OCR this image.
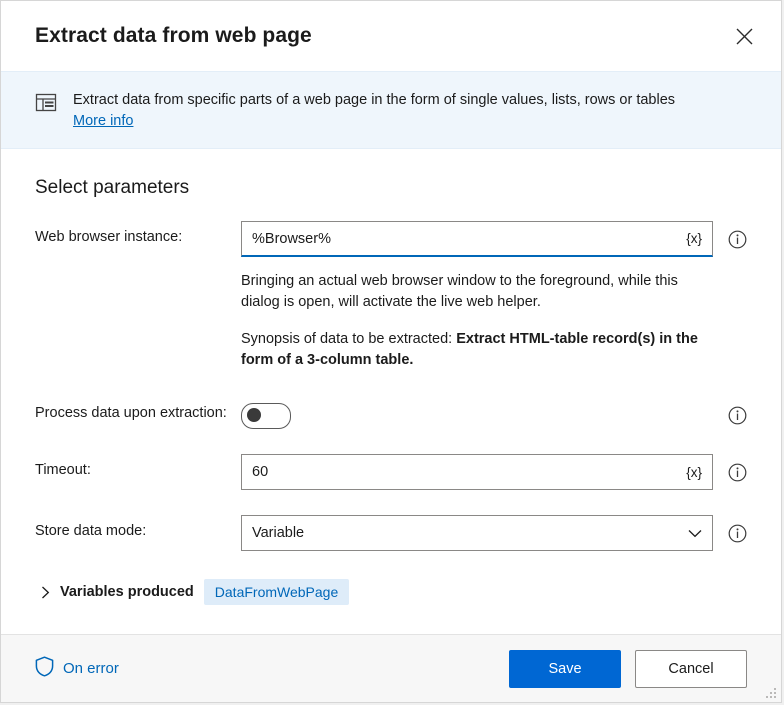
Extract data from web page
Extract data from specific parts of a web page in the form of single values, lists, rows or tables
More info
Select parameters
Web browser instance:
%Browser%	{x}
Bringing an actual web browser window to the foreground, while this dialog is open, will activate the live web helper.
Synopsis of data to be extracted: Extract HTML-table record(s) in the form of a 3-column table.
Process data upon extraction:
Timeout:
60	{x}
Store data mode:	Variable
Variables produced	DataFromWebPage
On error	Save	Cancel
